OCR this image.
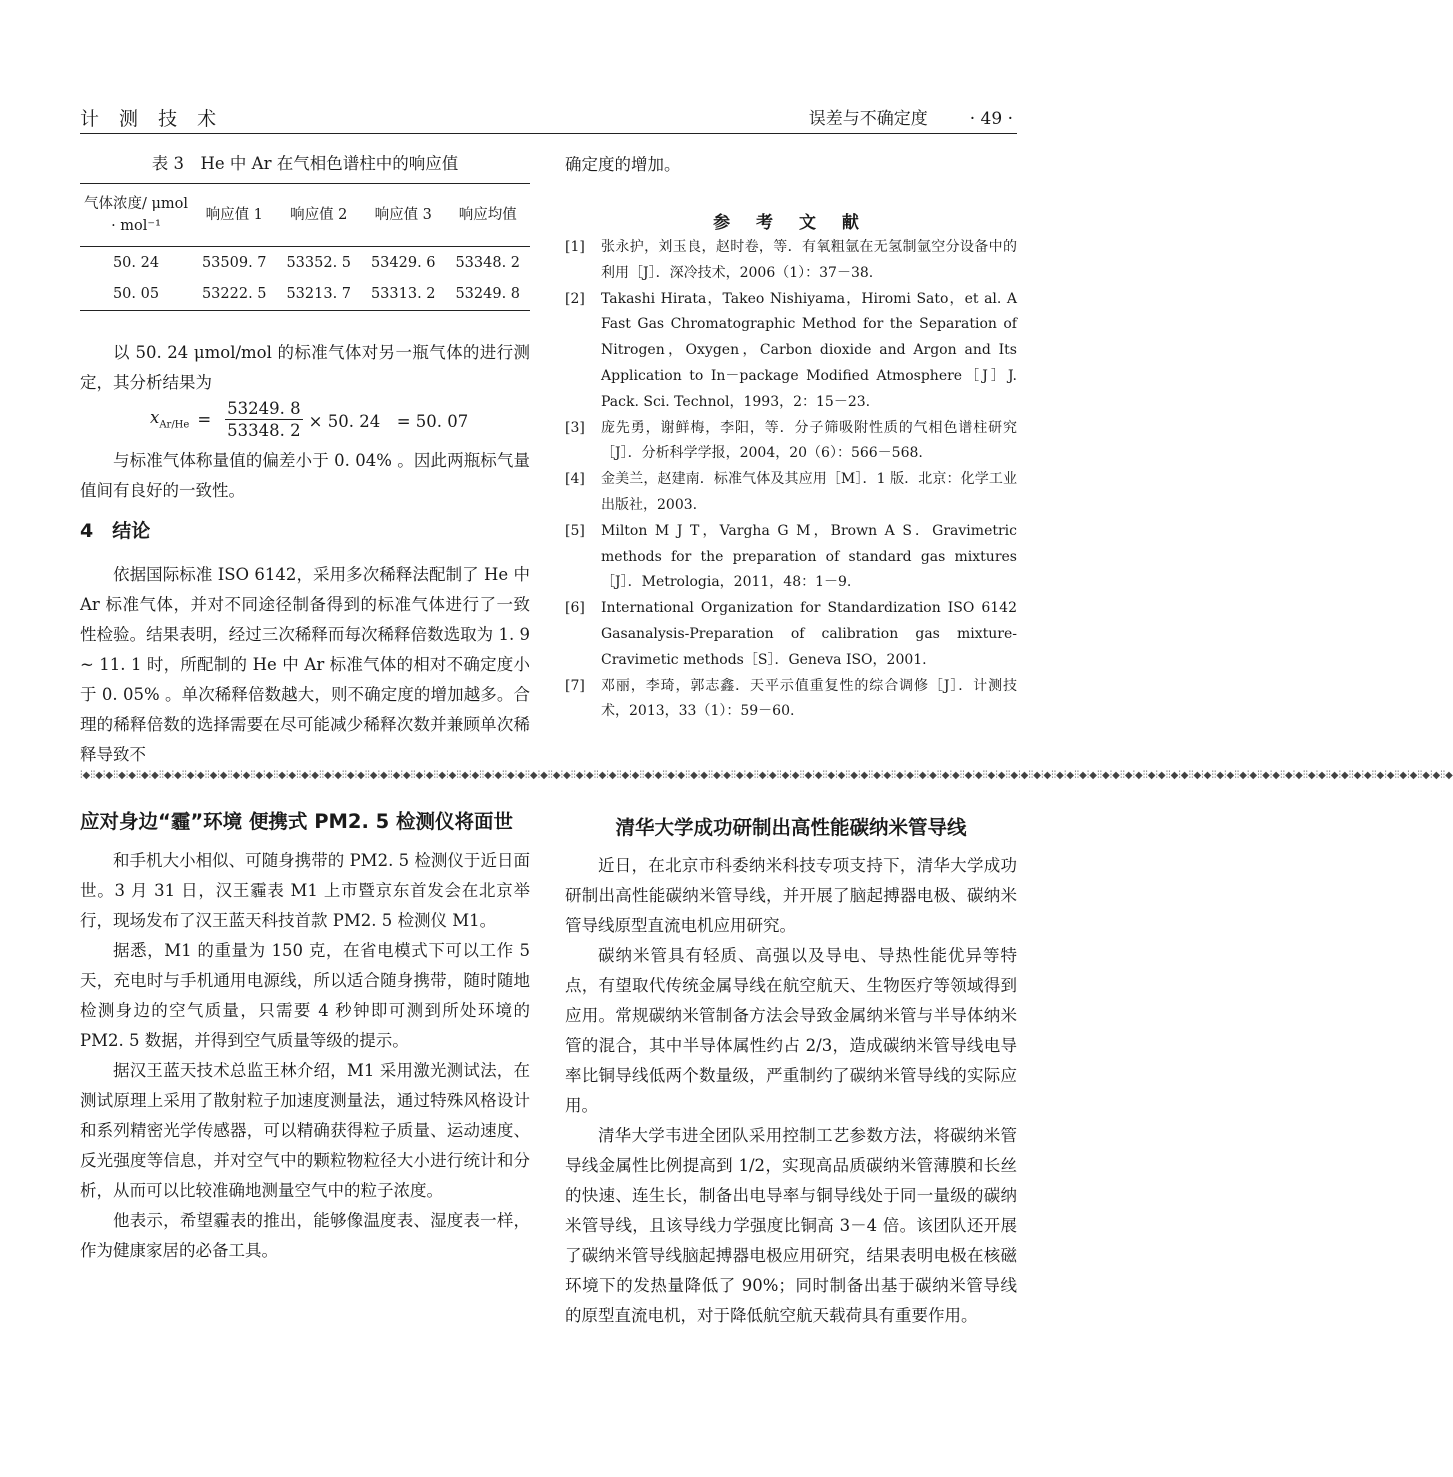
计 测 技 术	误差与不确定度 · 49 ·
表 3　He 中 Ar 在气相色谱柱中的响应值
气体浓度/ μmol · mol⁻¹	响应值 1	响应值 2	响应值 3	响应均值
50. 24	53509. 7	53352. 5	53429. 6	53348. 2
50. 05	53222. 5	53213. 7	53313. 2	53249. 8

以 50. 24 μmol/mol 的标准气体对另一瓶气体的进行测定，其分析结果为

$x_{Ar/He} = \frac{53249. 8}{53348. 2} \times 50$. 24　= 50. 07

与标准气体称量值的偏差小于 0. 04% 。因此两瓶标气量值间有良好的一致性。

4　结论

依据国际标准 ISO 6142，采用多次稀释法配制了 He 中 Ar 标准气体，并对不同途径制备得到的标准气体进行了一致性检验。结果表明，经过三次稀释而每次稀释倍数选取为 1. 9 ~ 11. 1 时，所配制的 He 中 Ar 标准气体的相对不确定度小于 0. 05% 。单次稀释倍数越大，则不确定度的增加越多。合理的稀释倍数的选择需要在尽可能减少稀释次数并兼顾单次稀释导致不

确定度的增加。

参 考 文 献
[1]	张永护，刘玉良，赵时卷，等．有氧粗氩在无氢制氩空分设备中的利用［J］．深冷技术，2006（1）：37－38.
[2]	Takashi Hirata，Takeo Nishiyama，Hiromi Sato，et al. A Fast Gas Chromatographic Method for the Separation of Nitrogen，Oxygen，Carbon dioxide and Argon and Its Application to In－package Modified Atmosphere［J］J. Pack. Sci. Technol，1993，2：15－23.
[3]	庞先勇，谢鲜梅，李阳，等．分子筛吸附性质的气相色谱柱研究［J］．分析科学学报，2004，20（6）：566－568.
[4]	金美兰，赵建南．标准气体及其应用［M］．1 版．北京：化学工业出版社，2003.
[5]	Milton M J T，Vargha G M，Brown A S．Gravimetric methods for the preparation of standard gas mixtures［J］．Metrologia，2011，48：1－9.
[6]	International Organization for Standardization ISO 6142 Gasanalysis-Preparation of calibration gas mixture-Cravimetic methods［S］．Geneva ISO，2001.
[7]	邓丽，李琦，郭志鑫．天平示值重复性的综合调修［J］．计测技术，2013，33（1）：59－60.
⫶◆⫶⫶◆⫶◆⫶⫶◆⫶◆⫶⫶◆⫶◆⫶⫶◆⫶◆⫶⫶◆⫶◆⫶⫶◆⫶◆⫶⫶◆⫶◆⫶⫶◆⫶◆⫶⫶◆⫶◆⫶⫶◆⫶◆⫶⫶◆⫶◆⫶⫶◆⫶◆⫶⫶◆⫶◆⫶⫶◆⫶◆⫶⫶◆⫶◆⫶⫶◆⫶◆⫶⫶◆⫶◆⫶⫶◆⫶◆⫶⫶◆⫶◆⫶⫶◆⫶◆⫶⫶◆⫶◆⫶⫶◆⫶◆⫶⫶◆⫶◆⫶⫶◆⫶◆⫶⫶◆⫶◆⫶⫶◆⫶◆⫶⫶◆⫶◆⫶⫶◆⫶◆⫶⫶◆⫶◆⫶⫶◆⫶◆⫶⫶◆⫶◆⫶⫶◆⫶◆⫶⫶◆⫶◆⫶⫶◆⫶◆⫶⫶◆⫶◆⫶⫶◆⫶◆⫶⫶◆⫶◆⫶⫶◆⫶◆⫶⫶◆⫶◆⫶⫶◆⫶◆⫶⫶◆⫶◆⫶⫶◆⫶◆⫶⫶◆⫶◆⫶⫶◆⫶◆⫶⫶◆⫶◆⫶⫶◆⫶◆⫶⫶◆⫶◆⫶⫶◆⫶◆⫶⫶◆⫶◆⫶⫶◆⫶◆⫶⫶◆⫶◆⫶⫶◆⫶◆⫶⫶◆⫶◆⫶⫶◆⫶◆⫶⫶◆⫶◆⫶⫶◆⫶◆⫶⫶◆⫶◆⫶⫶◆⫶◆⫶⫶◆⫶◆⫶⫶◆
应对身边“霾”环境 便携式 PM2. 5 检测仪将面世

和手机大小相似、可随身携带的 PM2. 5 检测仪于近日面世。3 月 31 日，汉王霾表 M1 上市暨京东首发会在北京举行，现场发布了汉王蓝天科技首款 PM2. 5 检测仪 M1。

据悉，M1 的重量为 150 克，在省电模式下可以工作 5 天，充电时与手机通用电源线，所以适合随身携带，随时随地检测身边的空气质量，只需要 4 秒钟即可测到所处环境的 PM2. 5 数据，并得到空气质量等级的提示。

据汉王蓝天技术总监王林介绍，M1 采用激光测试法，在测试原理上采用了散射粒子加速度测量法，通过特殊风格设计和系列精密光学传感器，可以精确获得粒子质量、运动速度、反光强度等信息，并对空气中的颗粒物粒径大小进行统计和分析，从而可以比较准确地测量空气中的粒子浓度。

他表示，希望霾表的推出，能够像温度表、湿度表一样，作为健康家居的必备工具。

清华大学成功研制出高性能碳纳米管导线

近日，在北京市科委纳米科技专项支持下，清华大学成功研制出高性能碳纳米管导线，并开展了脑起搏器电极、碳纳米管导线原型直流电机应用研究。

碳纳米管具有轻质、高强以及导电、导热性能优异等特点，有望取代传统金属导线在航空航天、生物医疗等领域得到应用。常规碳纳米管制备方法会导致金属纳米管与半导体纳米管的混合，其中半导体属性约占 2/3，造成碳纳米管导线电导率比铜导线低两个数量级，严重制约了碳纳米管导线的实际应用。

清华大学韦进全团队采用控制工艺参数方法，将碳纳米管导线金属性比例提高到 1/2，实现高品质碳纳米管薄膜和长丝的快速、连生长，制备出电导率与铜导线处于同一量级的碳纳米管导线，且该导线力学强度比铜高 3－4 倍。该团队还开展了碳纳米管导线脑起搏器电极应用研究，结果表明电极在核磁环境下的发热量降低了 90%；同时制备出基于碳纳米管导线的原型直流电机，对于降低航空航天载荷具有重要作用。
